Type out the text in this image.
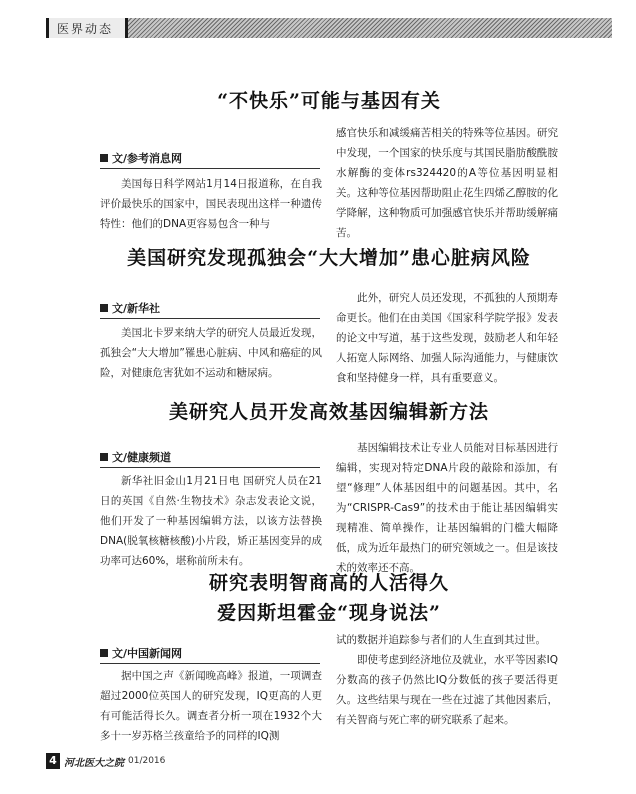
医界动态
“不快乐”可能与基因有关
文/参考消息网

美国每日科学网站1月14日报道称，在自我评价最快乐的国家中，国民表现出这样一种遗传特性：他们的DNA更容易包含一种与

感官快乐和减缓痛苦相关的特殊等位基因。研究中发现，一个国家的快乐度与其国民脂肪酸酰胺水解酶的变体rs324420的A等位基因明显相关。这种等位基因帮助阻止花生四烯乙醇胺的化学降解，这种物质可加强感官快乐并帮助缓解痛苦。

美国研究发现孤独会“大大增加”患心脏病风险
文/新华社

美国北卡罗来纳大学的研究人员最近发现，孤独会“大大增加”罹患心脏病、中风和癌症的风险，对健康危害犹如不运动和糖尿病。

此外，研究人员还发现，不孤独的人预期寿命更长。他们在由美国《国家科学院学报》发表的论文中写道，基于这些发现，鼓励老人和年轻人拓宽人际网络、加强人际沟通能力，与健康饮食和坚持健身一样，具有重要意义。

美研究人员开发高效基因编辑新方法
文/健康频道

新华社旧金山1月21日电 国研究人员在21日的英国《自然·生物技术》杂志发表论文说，他们开发了一种基因编辑方法，以该方法替换DNA(脱氧核糖核酸)小片段，矫正基因变异的成功率可达60%，堪称前所未有。

基因编辑技术让专业人员能对目标基因进行编辑，实现对特定DNA片段的敲除和添加，有望“修理”人体基因组中的问题基因。其中，名为“CRISPR-Cas9”的技术由于能让基因编辑实现精准、简单操作，让基因编辑的门槛大幅降低，成为近年最热门的研究领域之一。但是该技术的效率还不高。

研究表明智商高的人活得久
爱因斯坦霍金“现身说法”
文/中国新闻网

据中国之声《新闻晚高峰》报道，一项调查超过2000位英国人的研究发现，IQ更高的人更有可能活得长久。调查者分析一项在1932个大多十一岁苏格兰孩童给予的同样的IQ测

试的数据并追踪参与者们的人生直到其过世。

即使考虑到经济地位及就业，水平等因素IQ分数高的孩子仍然比IQ分数低的孩子要活得更久。这些结果与现在一些在过滤了其他因素后，有关智商与死亡率的研究联系了起来。

4 河北医大之院 01/2016
